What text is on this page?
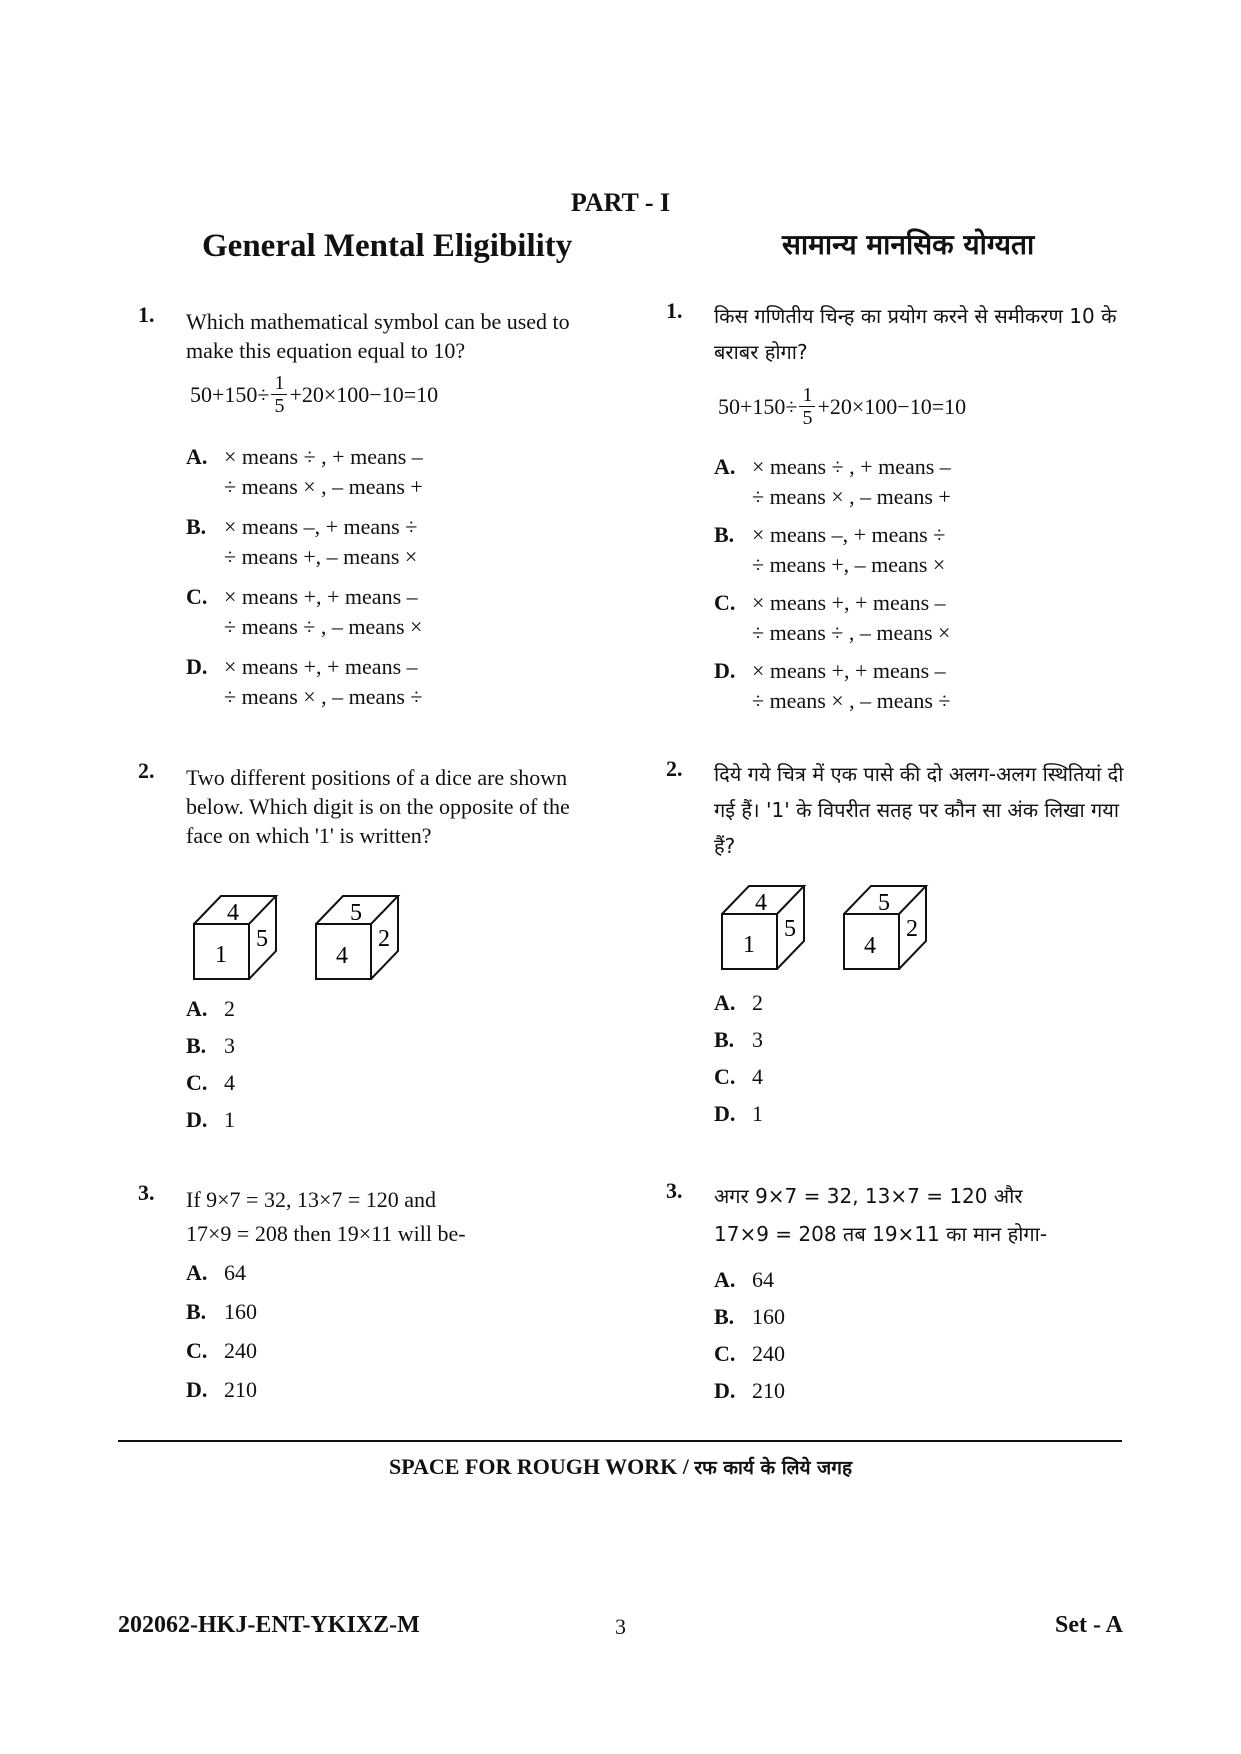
PART - I
General Mental Eligibility	सामान्य मानसिक योग्यता
1. Which mathematical symbol can be used to make this equation equal to 10?
$50+150\div \frac{1}{5} +20\times 100-10=10$
A. × means ÷ , + means –
÷ means × , – means +
B. × means –, + means ÷
÷ means +, – means ×
C. × means +, + means –
÷ means ÷ , – means ×
D. × means +, + means –
÷ means × , – means ÷
2. Two different positions of a dice are shown below. Which digit is on the opposite of the face on which '1' is written?
4
1
5
5
4
2
A. 2
B. 3
C. 4
D. 1
3. If 9×7 = 32, 13×7 = 120 and
17×9 = 208 then 19×11 will be-
A. 64
B. 160
C. 240
D. 210
1. किस गणितीय चिन्ह का प्रयोग करने से समीकरण 10 के बराबर होगा?
$50+150\div \frac{1}{5} +20\times 100-10=10$
A. × means ÷ , + means –
÷ means × , – means +
B. × means –, + means ÷
÷ means +, – means ×
C. × means +, + means –
÷ means ÷ , – means ×
D. × means +, + means –
÷ means × , – means ÷
2. दिये गये चित्र में एक पासे की दो अलग-अलग स्थितियां दी गई हैं। '1' के विपरीत सतह पर कौन सा अंक लिखा गया हैं?
4
1
5
5
4
2
A. 2
B. 3
C. 4
D. 1
3. अगर 9×7 = 32, 13×7 = 120 और
17×9 = 208 तब 19×11 का मान होगा-
A. 64
B. 160
C. 240
D. 210
SPACE FOR ROUGH WORK / रफ कार्य के लिये जगह
202062-HKJ-ENT-YKIXZ-M	3	Set - A
